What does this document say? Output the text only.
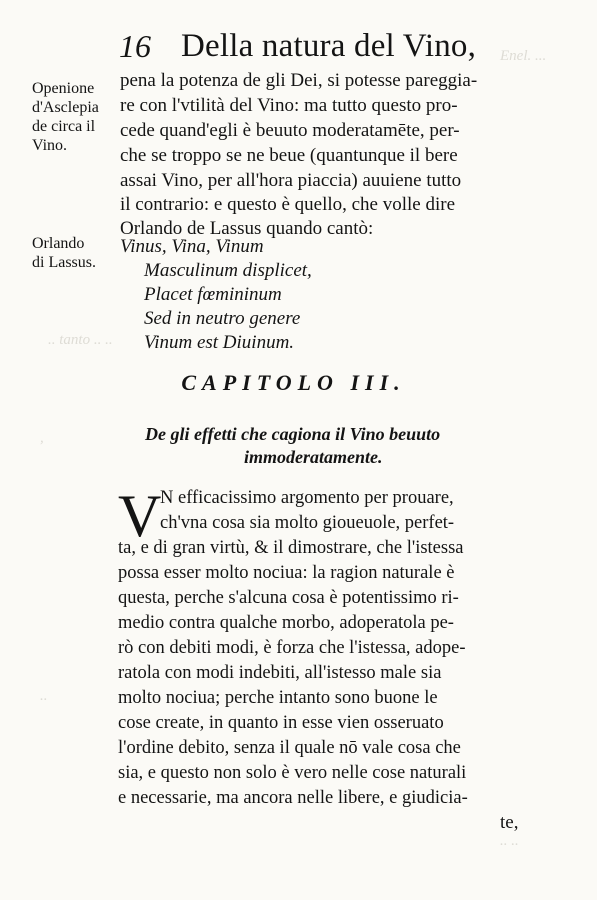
Enel. ...
.. tanto .. ..
,
..
.. ..
16 Della natura del Vino,
Openione
d'Asclepia
de circa il
Vino.
Orlando
di Lassus.
pena la potenza de gli Dei, si potesse pareggia-
re con l'vtilità del Vino: ma tutto questo pro-
cede quand'egli è beuuto moderatamēte, per-
che se troppo se ne beue (quantunque il bere
assai Vino, per all'hora piaccia) auuiene tutto
il contrario: e questo è quello, che volle dire
Orlando de Lassus quando cantò:
Vinus, Vina, Vinum
Masculinum displicet,
Placet fœmininum
Sed in neutro genere
Vinum est Diuinum.
CAPITOLO III.
De gli effetti che cagiona il Vino beuuto
immoderatamente.
V
N efficacissimo argomento per prouare,
ch'vna cosa sia molto gioueuole, perfet-
ta, e di gran virtù, & il dimostrare, che l'istessa
possa esser molto nociua: la ragion naturale è
questa, perche s'alcuna cosa è potentissimo ri-
medio contra qualche morbo, adoperatola pe-
rò con debiti modi, è forza che l'istessa, adope-
ratola con modi indebiti, all'istesso male sia
molto nociua; perche intanto sono buone le
cose create, in quanto in esse vien osseruato
l'ordine debito, senza il quale nō vale cosa che
sia, e questo non solo è vero nelle cose naturali
e necessarie, ma ancora nelle libere, e giudicia-
te,
